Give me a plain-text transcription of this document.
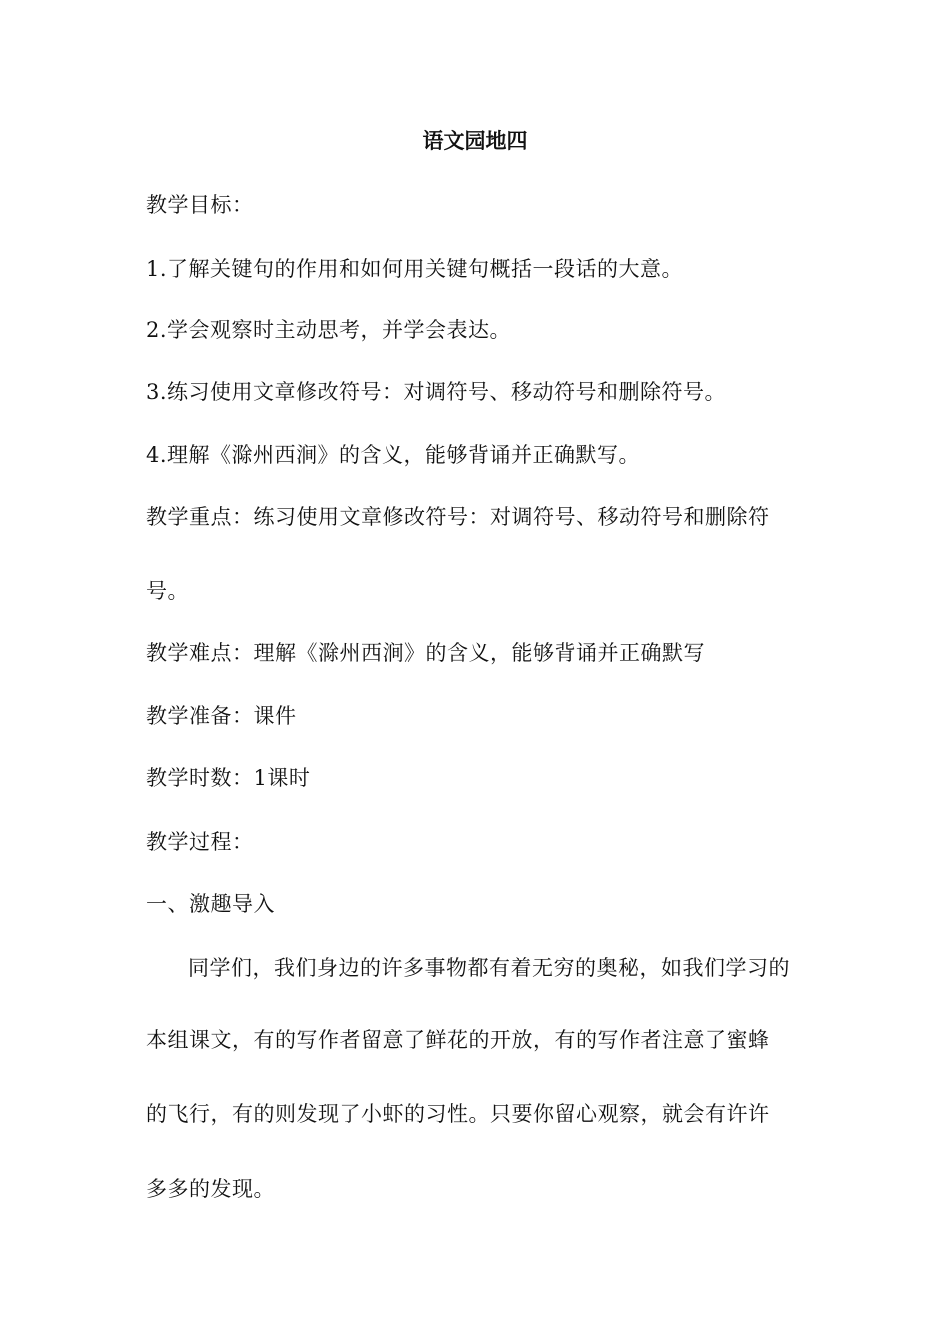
语文园地四
教学目标：
1.了解关键句的作用和如何用关键句概括一段话的大意。
2.学会观察时主动思考，并学会表达。
3.练习使用文章修改符号：对调符号、移动符号和删除符号。
4.理解《滁州西涧》的含义，能够背诵并正确默写。
教学重点：练习使用文章修改符号：对调符号、移动符号和删除符
号。
教学难点：理解《滁州西涧》的含义，能够背诵并正确默写
教学准备：课件
教学时数：1课时
教学过程：
一、激趣导入
同学们，我们身边的许多事物都有着无穷的奥秘，如我们学习的
本组课文，有的写作者留意了鲜花的开放，有的写作者注意了蜜蜂
的飞行，有的则发现了小虾的习性。只要你留心观察，就会有许许
多多的发现。
